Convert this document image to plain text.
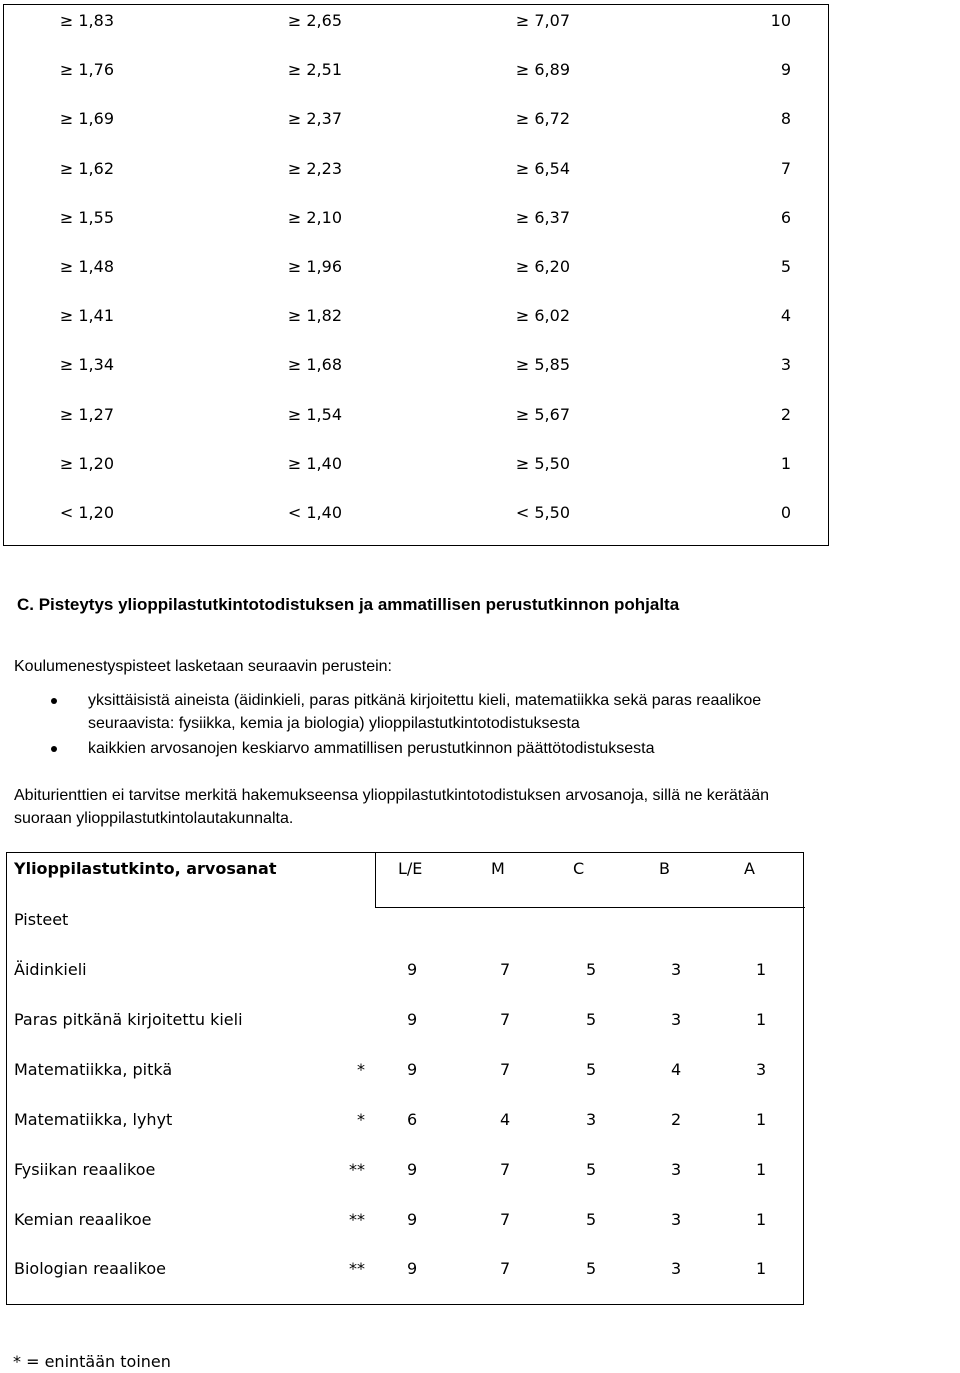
≥ 1,83	≥ 2,65	≥ 7,07	10
≥ 1,76	≥ 2,51	≥ 6,89	9
≥ 1,69	≥ 2,37	≥ 6,72	8
≥ 1,62	≥ 2,23	≥ 6,54	7
≥ 1,55	≥ 2,10	≥ 6,37	6
≥ 1,48	≥ 1,96	≥ 6,20	5
≥ 1,41	≥ 1,82	≥ 6,02	4
≥ 1,34	≥ 1,68	≥ 5,85	3
≥ 1,27	≥ 1,54	≥ 5,67	2
≥ 1,20	≥ 1,40	≥ 5,50	1
< 1,20	< 1,40	< 5,50	0
C. Pisteytys ylioppilastutkintotodistuksen ja ammatillisen perustutkinnon pohjalta
Koulumenestyspisteet lasketaan seuraavin perustein:
yksittäisistä aineista (äidinkieli, paras pitkänä kirjoitettu kieli, matematiikka sekä paras reaalikoe
seuraavista: fysiikka, kemia ja biologia) ylioppilastutkintotodistuksesta
kaikkien arvosanojen keskiarvo ammatillisen perustutkinnon päättötodistuksesta
Abiturienttien ei tarvitse merkitä hakemukseensa ylioppilastutkintotodistuksen arvosanoja, sillä ne kerätään
suoraan ylioppilastutkintolautakunnalta.
Ylioppilastutkinto, arvosanat
Pisteet
L/E	M	C	B	A
Äidinkieli	9	7	5	3	1
Paras pitkänä kirjoitettu kieli	9	7	5	3	1
Matematiikka, pitkä	*	9	7	5	4	3
Matematiikka, lyhyt	*	6	4	3	2	1
Fysiikan reaalikoe	**	9	7	5	3	1
Kemian reaalikoe	**	9	7	5	3	1
Biologian reaalikoe	**	9	7	5	3	1
* = enintään toinen
